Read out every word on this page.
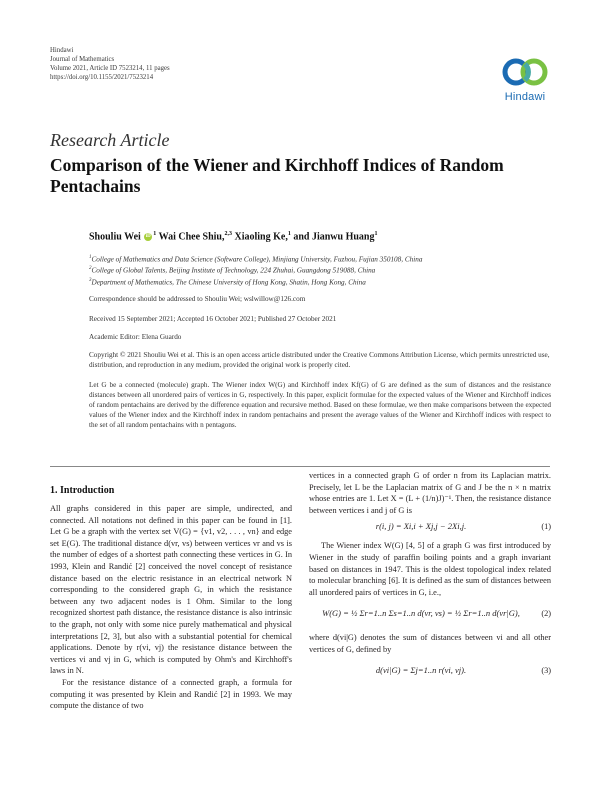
Hindawi
Journal of Mathematics
Volume 2021, Article ID 7523214, 11 pages
https://doi.org/10.1155/2021/7523214
Hindawi
Research Article
Comparison of the Wiener and Kirchhoff Indices of Random Pentachains
Shouliu Wei iD $^1$ Wai Chee Shiu,$^{2,3}$ Xiaoling Ke,$^1$ and Jianwu Huang$^1$
$^1$College of Mathematics and Data Science (Software College), Minjiang University, Fuzhou, Fujian 350108, China
$^2$College of Global Talents, Beijing Institute of Technology, 224 Zhuhai, Guangdong 519088, China
$^3$Department of Mathematics, The Chinese University of Hong Kong, Shatin, Hong Kong, China
Correspondence should be addressed to Shouliu Wei; wslwillow@126.com
Received 15 September 2021; Accepted 16 October 2021; Published 27 October 2021
Academic Editor: Elena Guardo
Copyright © 2021 Shouliu Wei et al. This is an open access article distributed under the Creative Commons Attribution License, which permits unrestricted use, distribution, and reproduction in any medium, provided the original work is properly cited.
Let G be a connected (molecule) graph. The Wiener index W(G) and Kirchhoff index Kf(G) of G are defined as the sum of distances and the resistance distances between all unordered pairs of vertices in G, respectively. In this paper, explicit formulae for the expected values of the Wiener and Kirchhoff indices of random pentachains are derived by the difference equation and recursive method. Based on these formulae, we then make comparisons between the expected values of the Wiener index and the Kirchhoff index in random pentachains and present the average values of the Wiener and Kirchhoff indices with respect to the set of all random pentachains with n pentagons.
1. Introduction

All graphs considered in this paper are simple, undirected, and connected. All notations not defined in this paper can be found in [1]. Let G be a graph with the vertex set V(G) = {v1, v2, . . . , vn} and edge set E(G). The traditional distance d(vr, vs) between vertices vr and vs is the number of edges of a shortest path connecting these vertices in G. In 1993, Klein and Randić [2] conceived the novel concept of resistance distance based on the electric resistance in an electrical network N corresponding to the considered graph G, in which the resistance between any two adjacent nodes is 1 Ohm. Similar to the long recognized shortest path distance, the resistance distance is also intrinsic to the graph, not only with some nice purely mathematical and physical interpretations [2, 3], but also with a substantial potential for chemical applications. Denote by r(vi, vj) the resistance distance between the vertices vi and vj in G, which is computed by Ohm's and Kirchhoff's laws in N.

For the resistance distance of a connected graph, a formula for computing it was presented by Klein and Randić [2] in 1993. We may compute the distance of two

vertices in a connected graph G of order n from its Laplacian matrix. Precisely, let L be the Laplacian matrix of G and J be the n × n matrix whose entries are 1. Let X = (L + (1/n)J)⁻¹. Then, the resistance distance between vertices i and j of G is

r(i, j) = Xi,i + Xj,j − 2Xi,j.	(1)

The Wiener index W(G) [4, 5] of a graph G was first introduced by Wiener in the study of paraffin boiling points and a graph invariant based on distances in 1947. This is the oldest topological index related to molecular branching [6]. It is defined as the sum of distances between all unordered pairs of vertices in G, i.e.,

W(G) = ½ Σr=1..n Σs=1..n d(vr, vs) = ½ Σr=1..n d(vr|G),	(2)

where d(vi|G) denotes the sum of distances between vi and all other vertices of G, defined by

d(vi|G) = Σj=1..n r(vi, vj).	(3)
